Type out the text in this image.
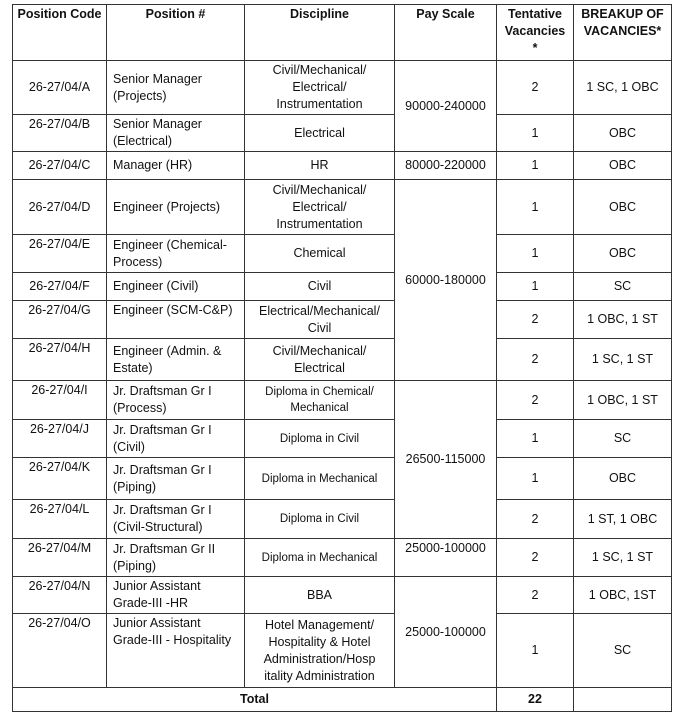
Position Code	Position #	Discipline	Pay Scale	Tentative Vacancies *	BREAKUP OF VACANCIES*
26-27/04/A	Senior Manager (Projects)	Civil/Mechanical/ Electrical/ Instrumentation	90000-240000	2	1 SC, 1 OBC
26-27/04/B	Senior Manager (Electrical)	Electrical		1	OBC
26-27/04/C	Manager (HR)	HR	80000-220000	1	OBC
26-27/04/D	Engineer (Projects)	Civil/Mechanical/ Electrical/ Instrumentation	60000-180000	1	OBC
26-27/04/E	Engineer (Chemical-Process)	Chemical		1	OBC
26-27/04/F	Engineer (Civil)	Civil		1	SC
26-27/04/G	Engineer (SCM-C&P)	Electrical/Mechanical/ Civil		2	1 OBC, 1 ST
26-27/04/H	Engineer (Admin. & Estate)	Civil/Mechanical/ Electrical		2	1 SC, 1 ST
26-27/04/I	Jr. Draftsman Gr I (Process)	Diploma in Chemical/ Mechanical	26500-115000	2	1 OBC, 1 ST
26-27/04/J	Jr. Draftsman Gr I (Civil)	Diploma in Civil		1	SC
26-27/04/K	Jr. Draftsman Gr I (Piping)	Diploma in Mechanical		1	OBC
26-27/04/L	Jr. Draftsman Gr I (Civil-Structural)	Diploma in Civil		2	1 ST, 1 OBC
26-27/04/M	Jr. Draftsman Gr II (Piping)	Diploma in Mechanical	25000-100000	2	1 SC, 1 ST
26-27/04/N	Junior Assistant Grade-III -HR	BBA	25000-100000	2	1 OBC, 1ST
26-27/04/O	Junior Assistant Grade-III - Hospitality	Hotel Management/ Hospitality & Hotel Administration/Hosp itality Administration		1	SC
Total				22	
